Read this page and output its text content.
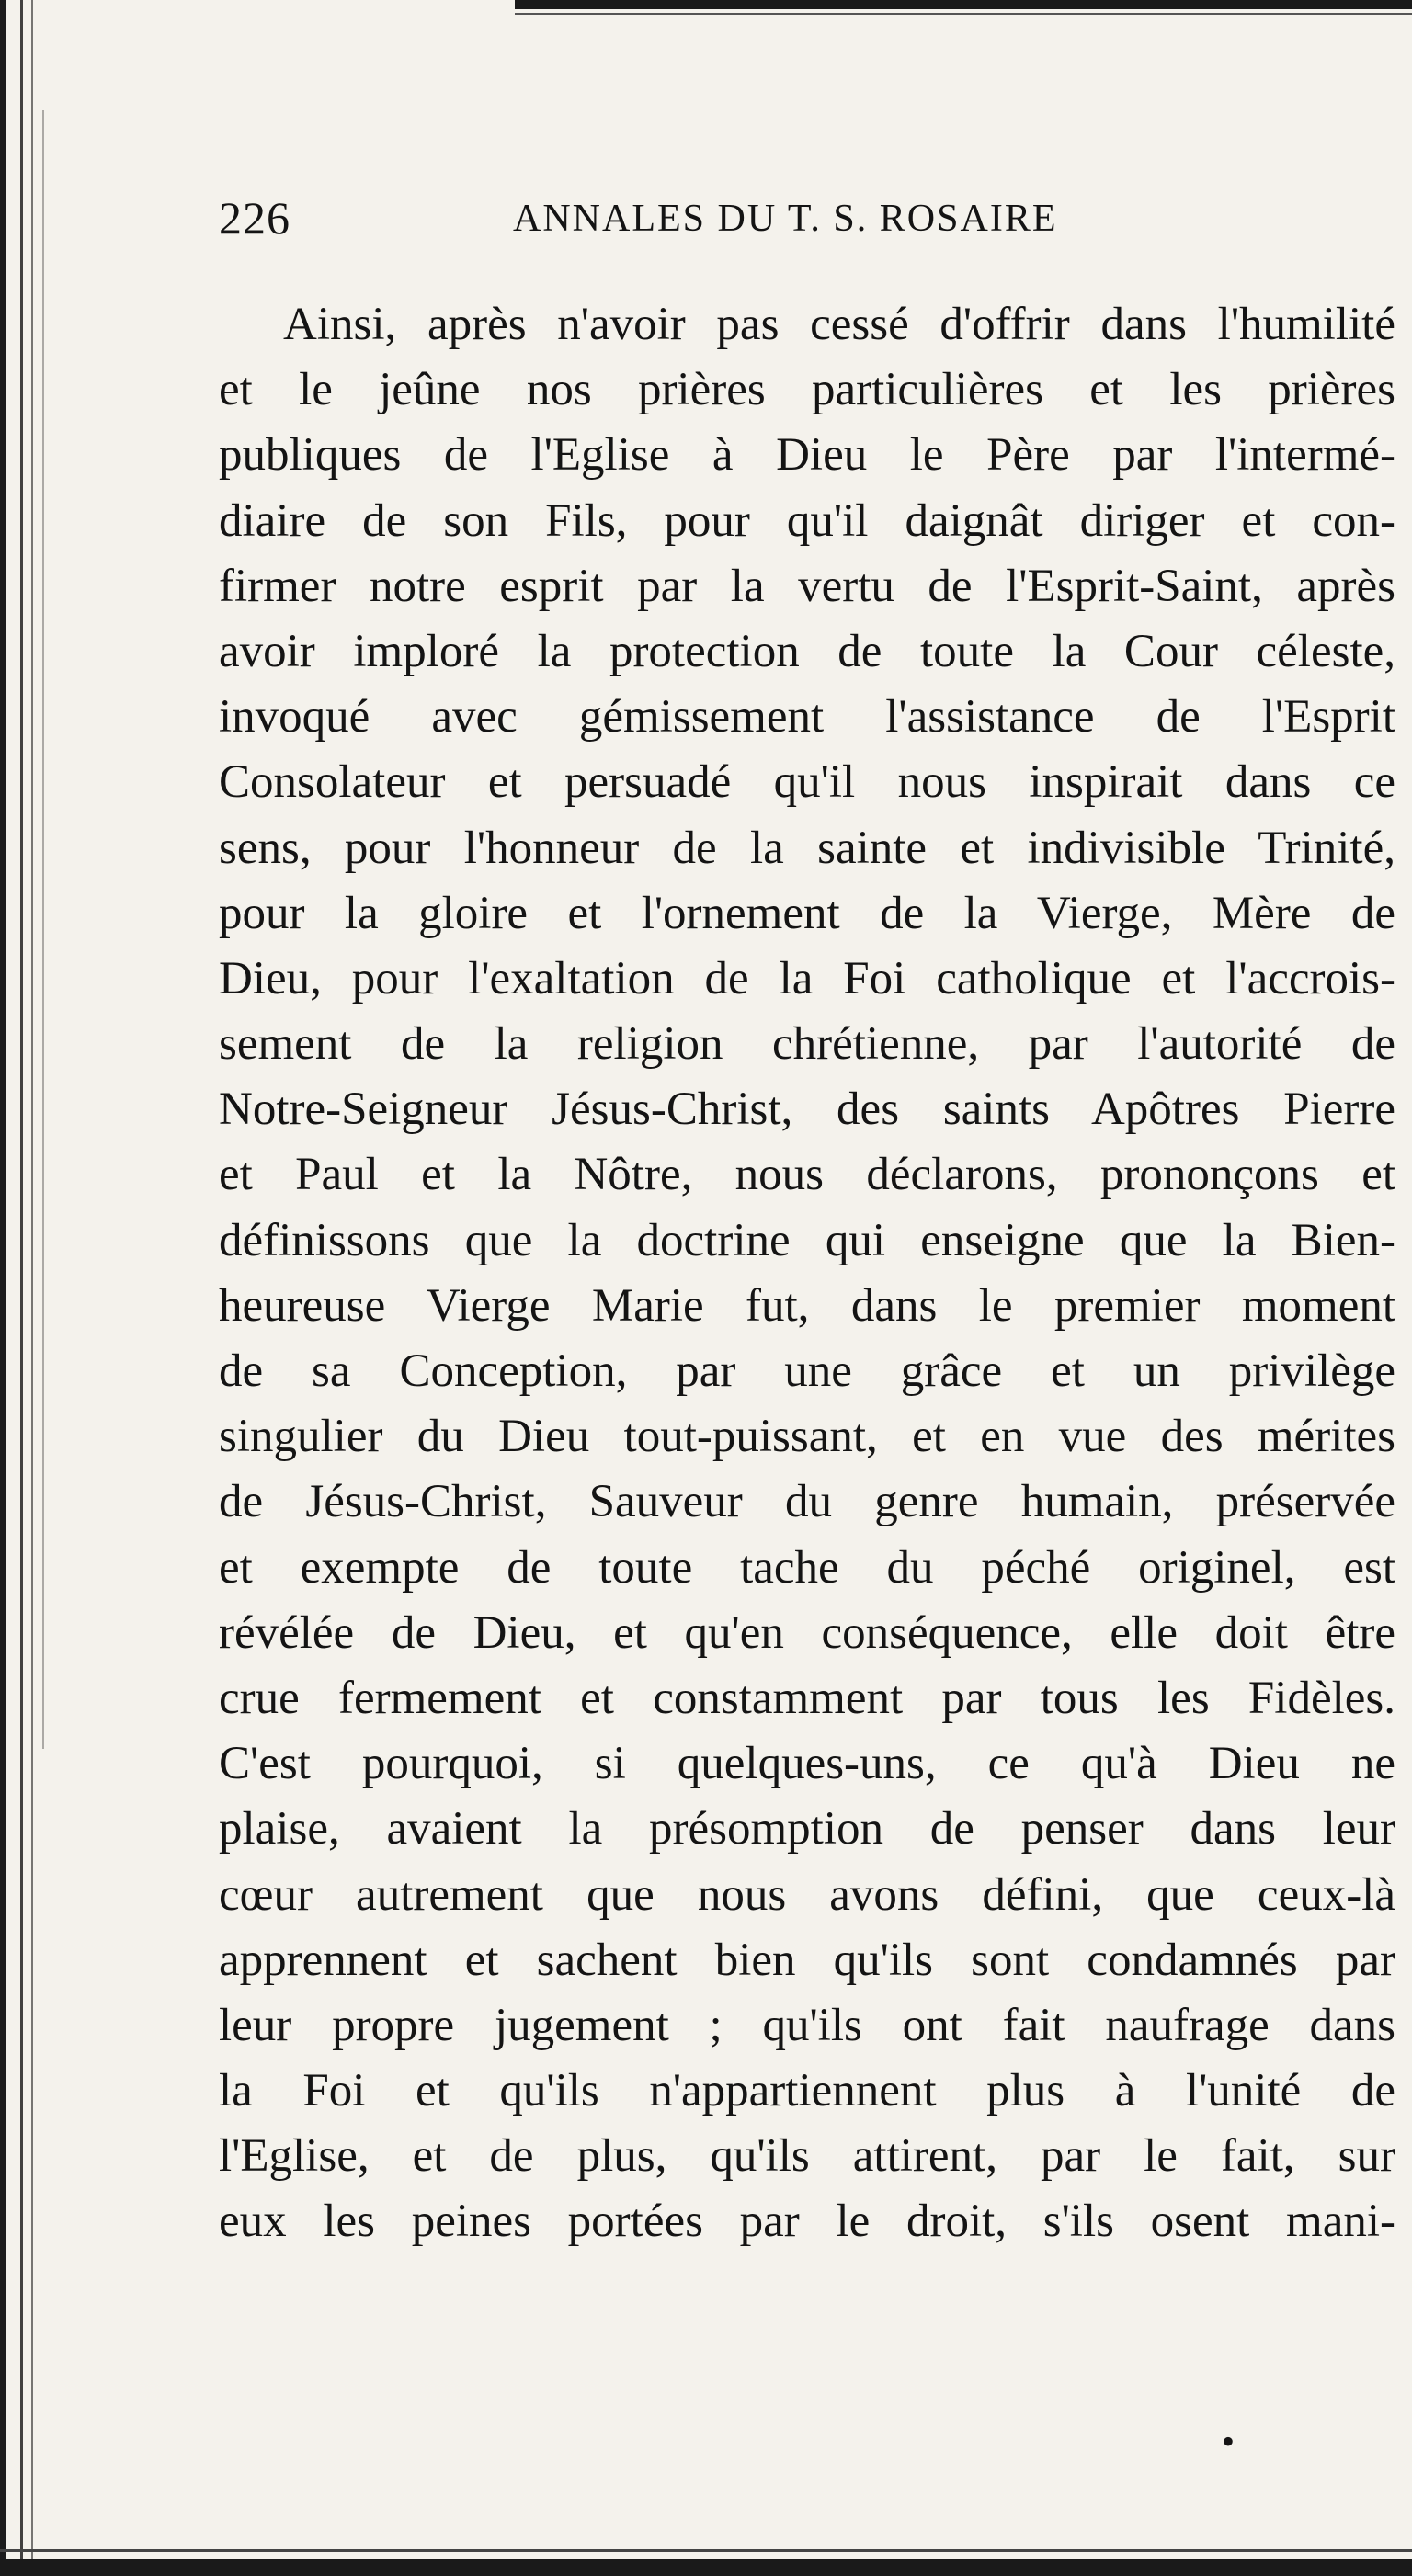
226	ANNALES DU T. S. ROSAIRE
Ainsi, après n'avoir pas cessé d'offrir dans l'humilité
et le jeûne nos prières particulières et les prières
publiques de l'Eglise à Dieu le Père par l'intermé-
diaire de son Fils, pour qu'il daignât diriger et con-
firmer notre esprit par la vertu de l'Esprit-Saint, après
avoir imploré la protection de toute la Cour céleste,
invoqué avec gémissement l'assistance de l'Esprit
Consolateur et persuadé qu'il nous inspirait dans ce
sens, pour l'honneur de la sainte et indivisible Trinité,
pour la gloire et l'ornement de la Vierge, Mère de
Dieu, pour l'exaltation de la Foi catholique et l'accrois-
sement de la religion chrétienne, par l'autorité de
Notre-Seigneur Jésus-Christ, des saints Apôtres Pierre
et Paul et la Nôtre, nous déclarons, prononçons et
définissons que la doctrine qui enseigne que la Bien-
heureuse Vierge Marie fut, dans le premier moment
de sa Conception, par une grâce et un privilège
singulier du Dieu tout-puissant, et en vue des mérites
de Jésus-Christ, Sauveur du genre humain, préservée
et exempte de toute tache du péché originel, est
révélée de Dieu, et qu'en conséquence, elle doit être
crue fermement et constamment par tous les Fidèles.
C'est pourquoi, si quelques-uns, ce qu'à Dieu ne
plaise, avaient la présomption de penser dans leur
cœur autrement que nous avons défini, que ceux-là
apprennent et sachent bien qu'ils sont condamnés par
leur propre jugement ; qu'ils ont fait naufrage dans
la Foi et qu'ils n'appartiennent plus à l'unité de
l'Eglise, et de plus, qu'ils attirent, par le fait, sur
eux les peines portées par le droit, s'ils osent mani-
•
